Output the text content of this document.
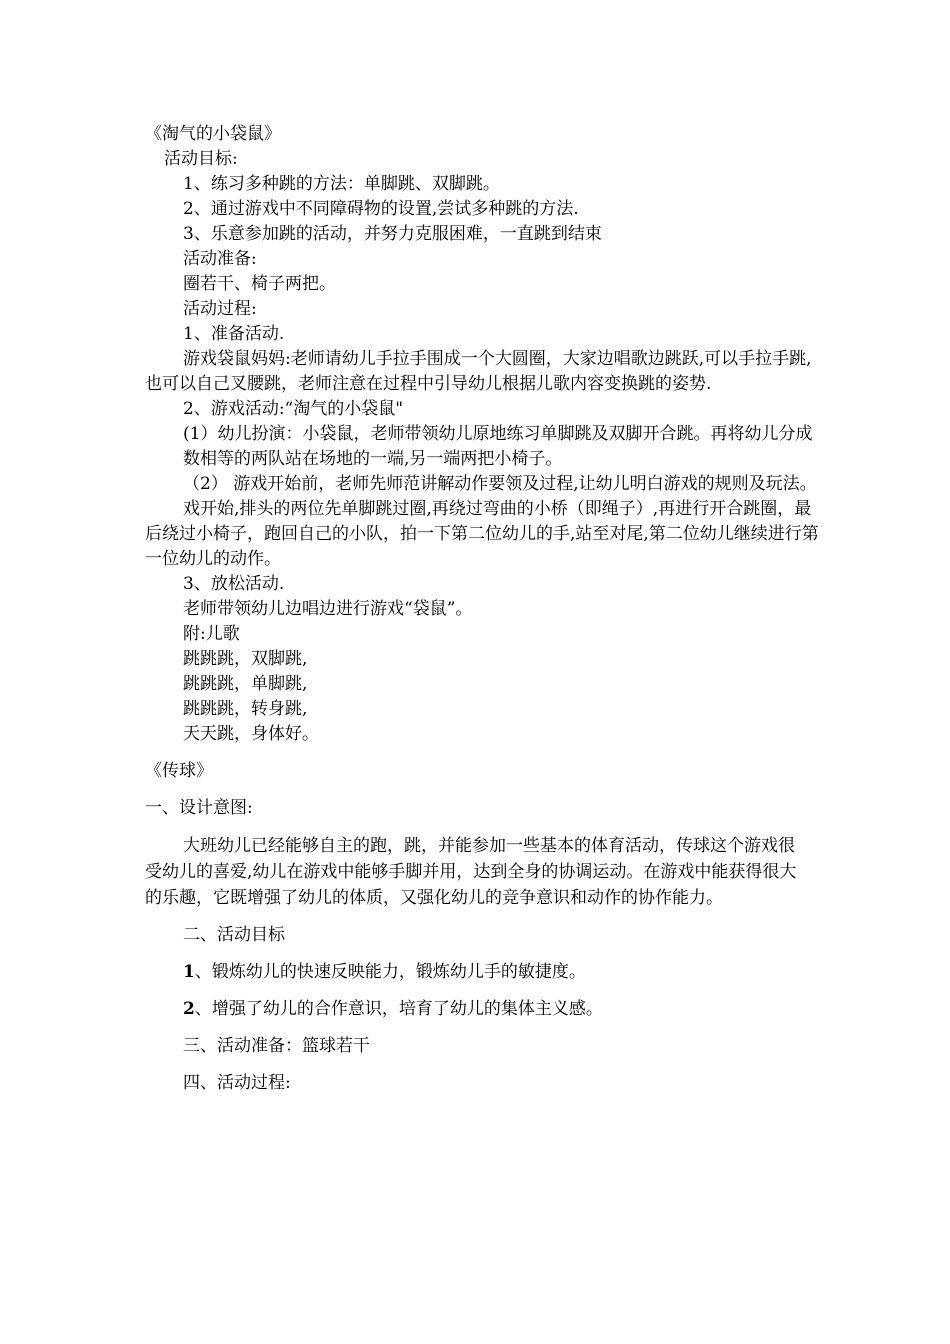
《淘气的小袋鼠》
活动目标:
1、练习多种跳的方法：单脚跳、双脚跳。
2、通过游戏中不同障碍物的设置,尝试多种跳的方法.
3、乐意参加跳的活动，并努力克服困难，一直跳到结束
活动准备:
圈若干、椅子两把。
活动过程:
1、准备活动.
游戏袋鼠妈妈:老师请幼儿手拉手围成一个大圆圈，大家边唱歌边跳跃,可以手拉手跳,也可以自己叉腰跳，老师注意在过程中引导幼儿根据儿歌内容变换跳的姿势.
2、游戏活动:“淘气的小袋鼠"
(1）幼儿扮演：小袋鼠，老师带领幼儿原地练习单脚跳及双脚开合跳。再将幼儿分成
数相等的两队站在场地的一端,另一端两把小椅子。
（2） 游戏开始前，老师先师范讲解动作要领及过程,让幼儿明白游戏的规则及玩法。
戏开始,排头的两位先单脚跳过圈,再绕过弯曲的小桥（即绳子）,再进行开合跳圈，最后绕过小椅子，跑回自己的小队，拍一下第二位幼儿的手,站至对尾,第二位幼儿继续进行第一位幼儿的动作。
3、放松活动.
老师带领幼儿边唱边进行游戏“袋鼠”。
附:儿歌
跳跳跳，双脚跳,
跳跳跳，单脚跳,
跳跳跳，转身跳,
天天跳，身体好。
《传球》
一、设计意图:
大班幼儿已经能够自主的跑，跳，并能参加一些基本的体育活动，传球这个游戏很受幼儿的喜爱,幼儿在游戏中能够手脚并用，达到全身的协调运动。在游戏中能获得很大的乐趣，它既增强了幼儿的体质，又强化幼儿的竞争意识和动作的协作能力。
二、活动目标
1、锻炼幼儿的快速反映能力，锻炼幼儿手的敏捷度。
2、增强了幼儿的合作意识，培育了幼儿的集体主义感。
三、活动准备：篮球若干
四、活动过程:
